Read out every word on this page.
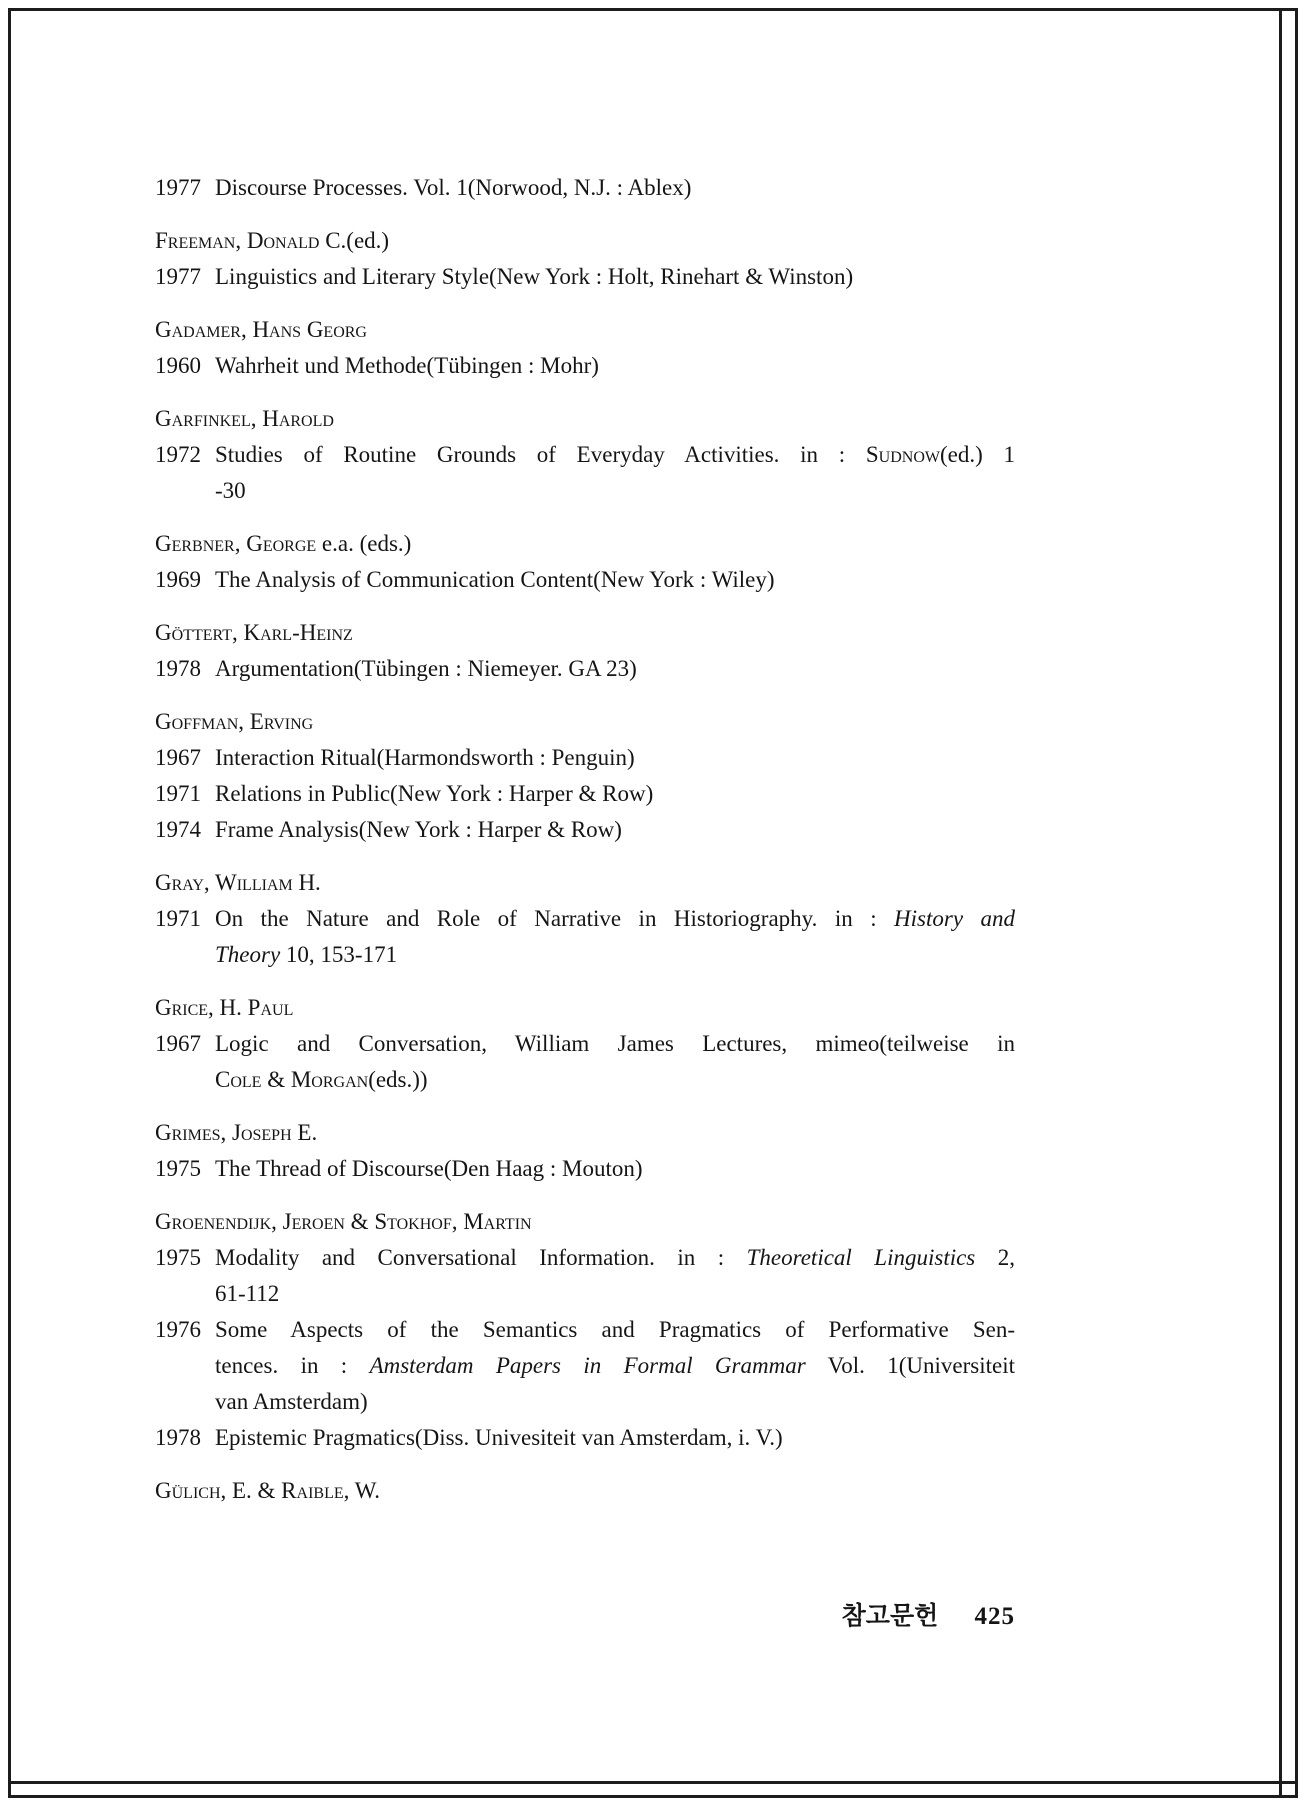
1977 Discourse Processes. Vol. 1(Norwood, N.J. : Ablex)
Freeman, Donald C.(ed.)
1977 Linguistics and Literary Style(New York : Holt, Rinehart & Winston)
Gadamer, Hans Georg
1960 Wahrheit und Methode(Tübingen : Mohr)
Garfinkel, Harold
1972 Studies of Routine Grounds of Everyday Activities. in : Sudnow(ed.) 1
-30
Gerbner, George e.a. (eds.)
1969 The Analysis of Communication Content(New York : Wiley)
Göttert, Karl-Heinz
1978 Argumentation(Tübingen : Niemeyer. GA 23)
Goffman, Erving
1967 Interaction Ritual(Harmondsworth : Penguin)
1971 Relations in Public(New York : Harper & Row)
1974 Frame Analysis(New York : Harper & Row)
Gray, William H.
1971 On the Nature and Role of Narrative in Historiography. in : History and
Theory 10, 153-171
Grice, H. Paul
1967 Logic and Conversation, William James Lectures, mimeo(teilweise in
Cole & Morgan(eds.))
Grimes, Joseph E.
1975 The Thread of Discourse(Den Haag : Mouton)
Groenendijk, Jeroen & Stokhof, Martin
1975 Modality and Conversational Information. in : Theoretical Linguistics 2,
61-112
1976 Some Aspects of the Semantics and Pragmatics of Performative Sen-
tences. in : Amsterdam Papers in Formal Grammar Vol. 1(Universiteit
van Amsterdam)
1978 Epistemic Pragmatics(Diss. Univesiteit van Amsterdam, i. V.)
Gülich, E. & Raible, W.
참고문헌 425
